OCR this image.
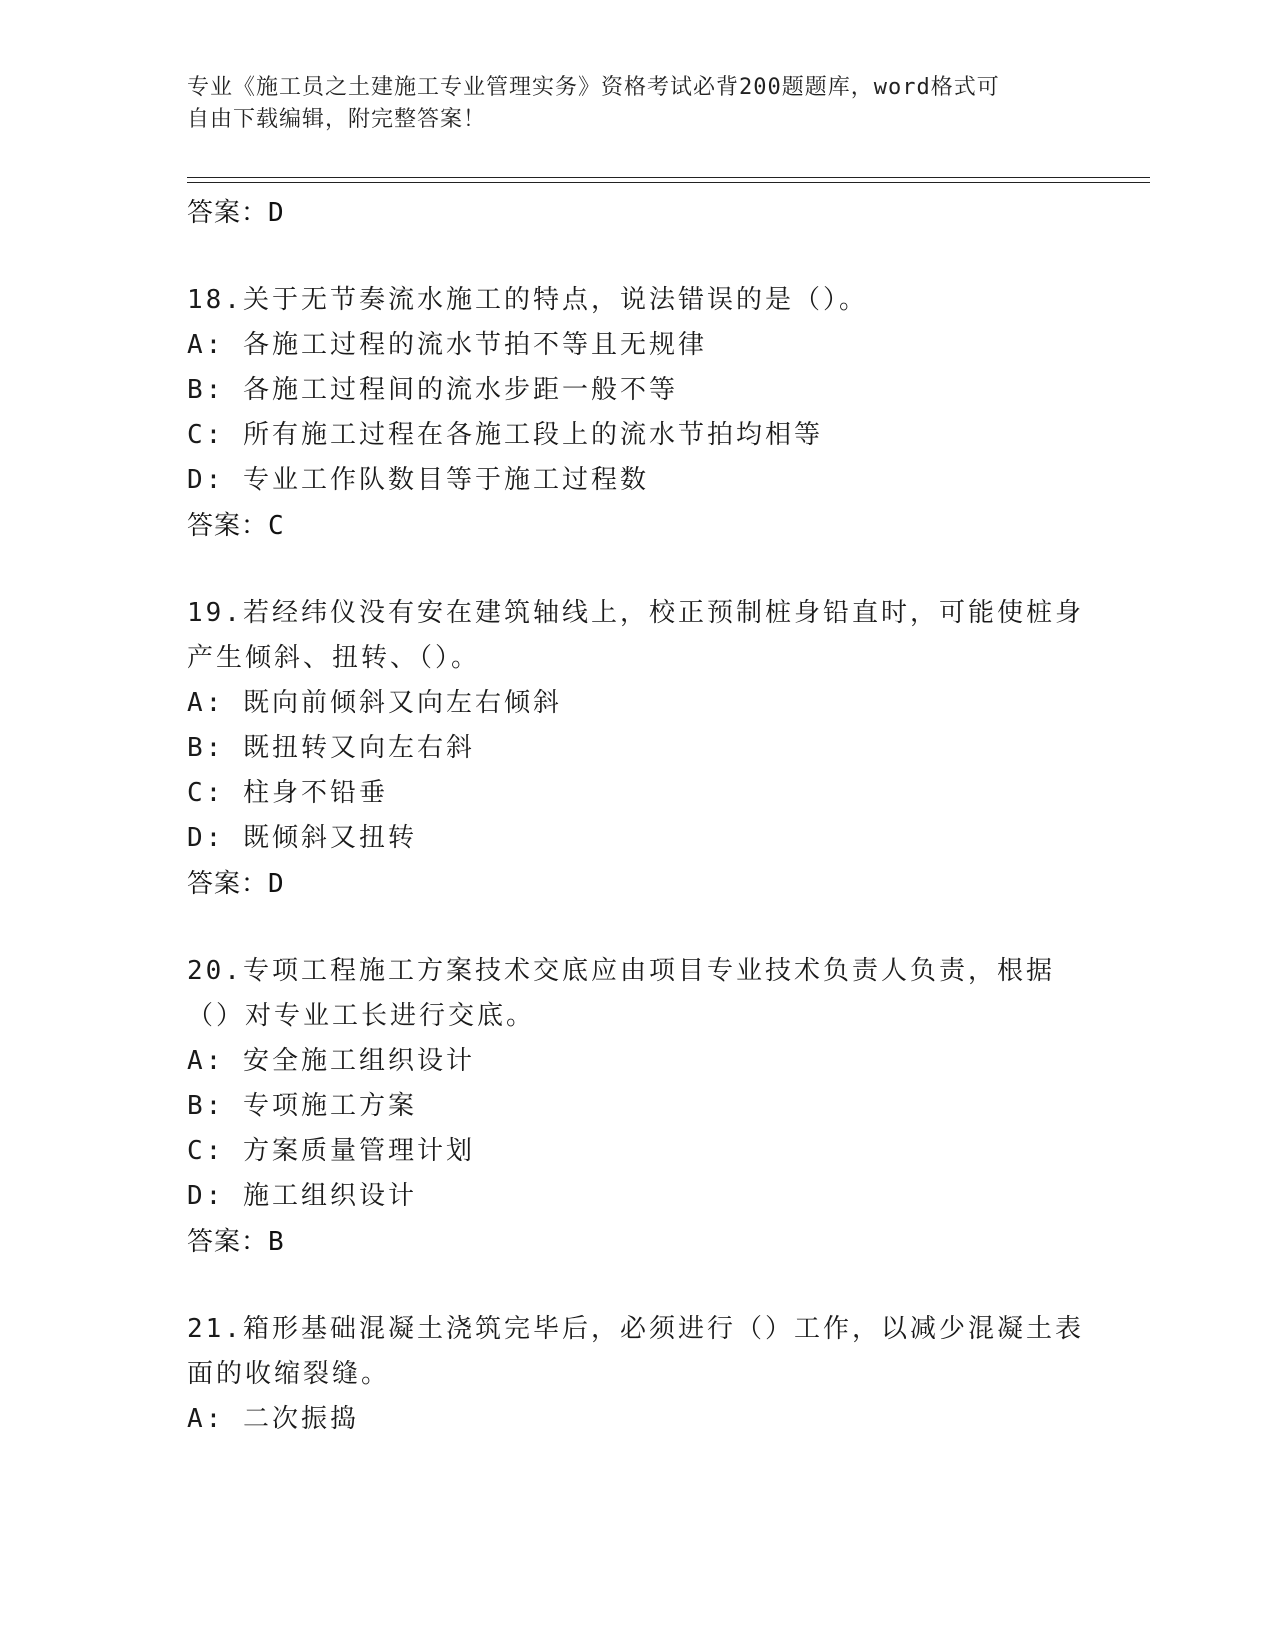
专业《施工员之土建施工专业管理实务》资格考试必背200题题库，word格式可
自由下载编辑，附完整答案！
答案：D
18.关于无节奏流水施工的特点，说法错误的是（）。
A: 各施工过程的流水节拍不等且无规律
B: 各施工过程间的流水步距一般不等
C: 所有施工过程在各施工段上的流水节拍均相等
D: 专业工作队数目等于施工过程数
答案：C
19.若经纬仪没有安在建筑轴线上，校正预制桩身铅直时，可能使桩身产生倾斜、扭转、（）。
A: 既向前倾斜又向左右倾斜
B: 既扭转又向左右斜
C: 柱身不铅垂
D: 既倾斜又扭转
答案：D
20.专项工程施工方案技术交底应由项目专业技术负责人负责，根据（）对专业工长进行交底。
A: 安全施工组织设计
B: 专项施工方案
C: 方案质量管理计划
D: 施工组织设计
答案：B
21.箱形基础混凝土浇筑完毕后，必须进行（）工作，以减少混凝土表面的收缩裂缝。
A: 二次振捣
